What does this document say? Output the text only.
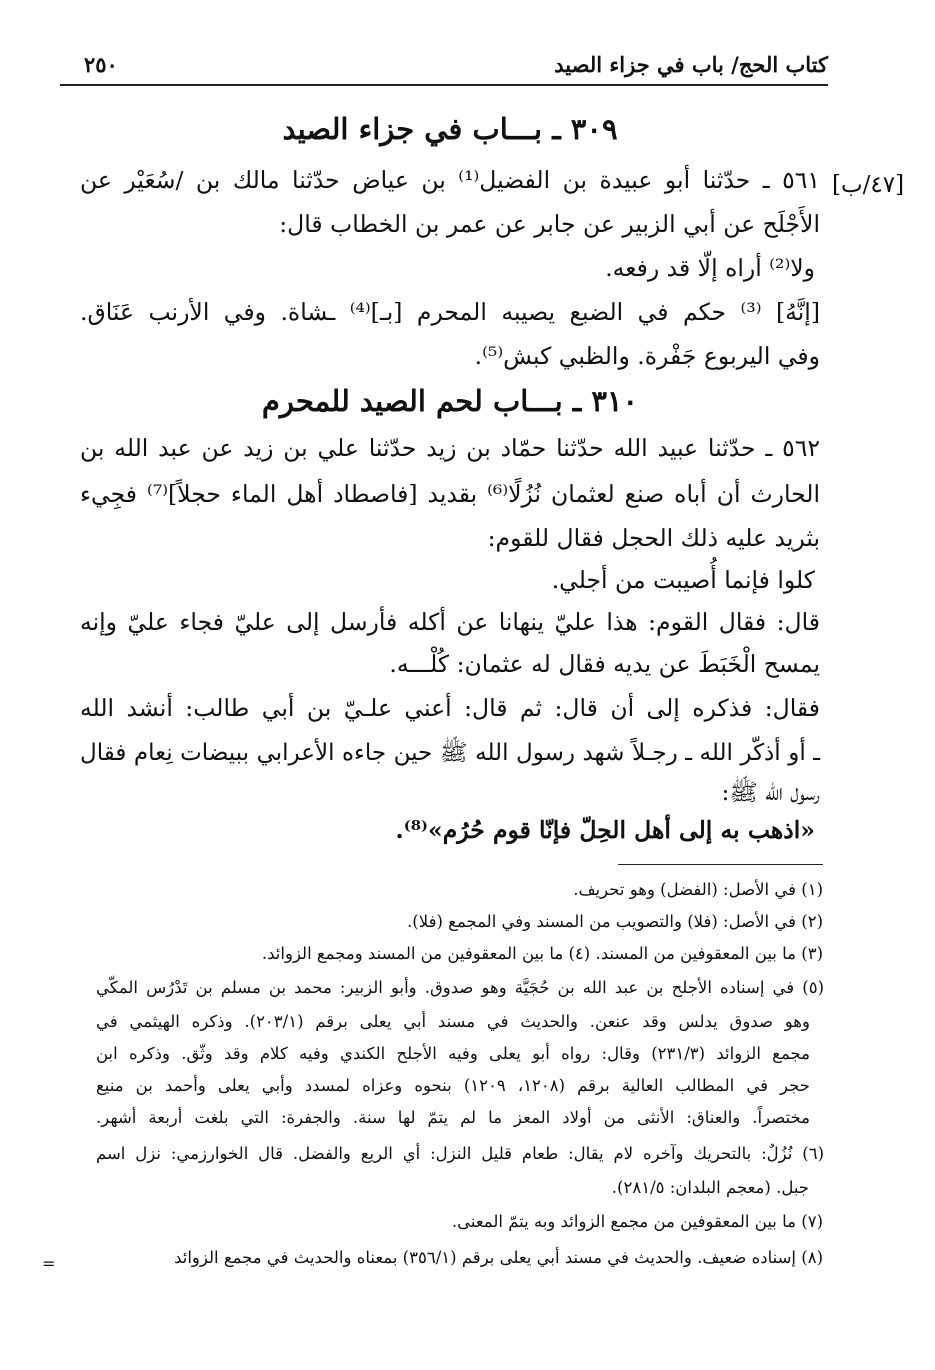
كتاب الحج/ باب في جزاء الصيد
٢٥٠
٣٠٩ ـ بـــاب في جزاء الصيد
[٤٧/ب]
٥٦١ ـ حدّثنا أبو عبيدة بن الفضيل⁽¹⁾ بن عياض حدّثنا مالك بن /سُعَيْر عن
الأَجْلَح عن أبي الزبير عن جابر عن عمر بن الخطاب قال:
ولا⁽²⁾ أراه إلّا قد رفعه.
[إنَّهُ] ⁽³⁾ حكم في الضبع يصيبه المحرم [بـ]⁽⁴⁾ ـشاة. وفي الأرنب عَنَاق.
وفي اليربوع جَفْرة. والظبي كبش⁽⁵⁾.
٣١٠ ـ بـــاب لحم الصيد للمحرم
٥٦٢ ـ حدّثنا عبيد الله حدّثنا حمّاد بن زيد حدّثنا علي بن زيد عن عبد الله بن
الحارث أن أباه صنع لعثمان نُزُلًا⁽⁶⁾ بقديد [فاصطاد أهل الماء حجلاً]⁽⁷⁾ فجِيء
بثريد عليه ذلك الحجل فقال للقوم:
كلوا فإنما أُصيبت من أجلي.
قال: فقال القوم: هذا عليّ ينهانا عن أكله فأرسل إلى عليّ فجاء عليّ وإنه
يمسح الْخَبَطَ عن يديه فقال له عثمان: كُلْـــه.
فقال: فذكره إلى أن قال: ثم قال: أعني علـيّ بن أبي طالب: أنشد الله
ـ أو أذكّر الله ـ رجـلاً شهد رسول الله ﷺ حين جاءه الأعرابي ببيضات نِعام فقال
رسول الله ﷺ:
«اذهب به إلى أهل الحِلّ فإنّا قوم حُرُم»⁽⁸⁾.
(١) في الأصل: (الفضل) وهو تحريف.
(٢) في الأصل: (فلا) والتصويب من المسند وفي المجمع (فلا).
(٣) ما بين المعقوفين من المسند. (٤) ما بين المعقوفين من المسند ومجمع الزوائد.
(٥) في إسناده الأجلح بن عبد الله بن حُجَيَّة وهو صدوق. وأبو الزبير: محمد بن مسلم بن تَدْرُس المكّي
وهو صدوق يدلس وقد عنعن. والحديث في مسند أبي يعلى برقم (٢٠٣/١). وذكره الهيثمي في
مجمع الزوائد (٢٣١/٣) وقال: رواه أبو يعلى وفيه الأجلح الكندي وفيه كلام وقد وثّق. وذكره ابن
حجر في المطالب العالية برقم (١٢٠٨، ١٢٠٩) بنحوه وعزاه لمسدد وأبي يعلى وأحمد بن منيع
مختصراً. والعناق: الأنثى من أولاد المعز ما لم يتمّ لها سنة. والجفرة: التي بلغت أربعة أشهر.
(٦) نُزُلٌ: بالتحريك وآخره لام يقال: طعام قليل النزل: أي الريع والفضل. قال الخوارزمي: نزل اسم
جبل. (معجم البلدان: ٢٨١/٥).
(٧) ما بين المعقوفين من مجمع الزوائد وبه يتمّ المعنى.
(٨) إسناده ضعيف. والحديث في مسند أبي يعلى برقم (٣٥٦/١) بمعناه والحديث في مجمع الزوائد
=
